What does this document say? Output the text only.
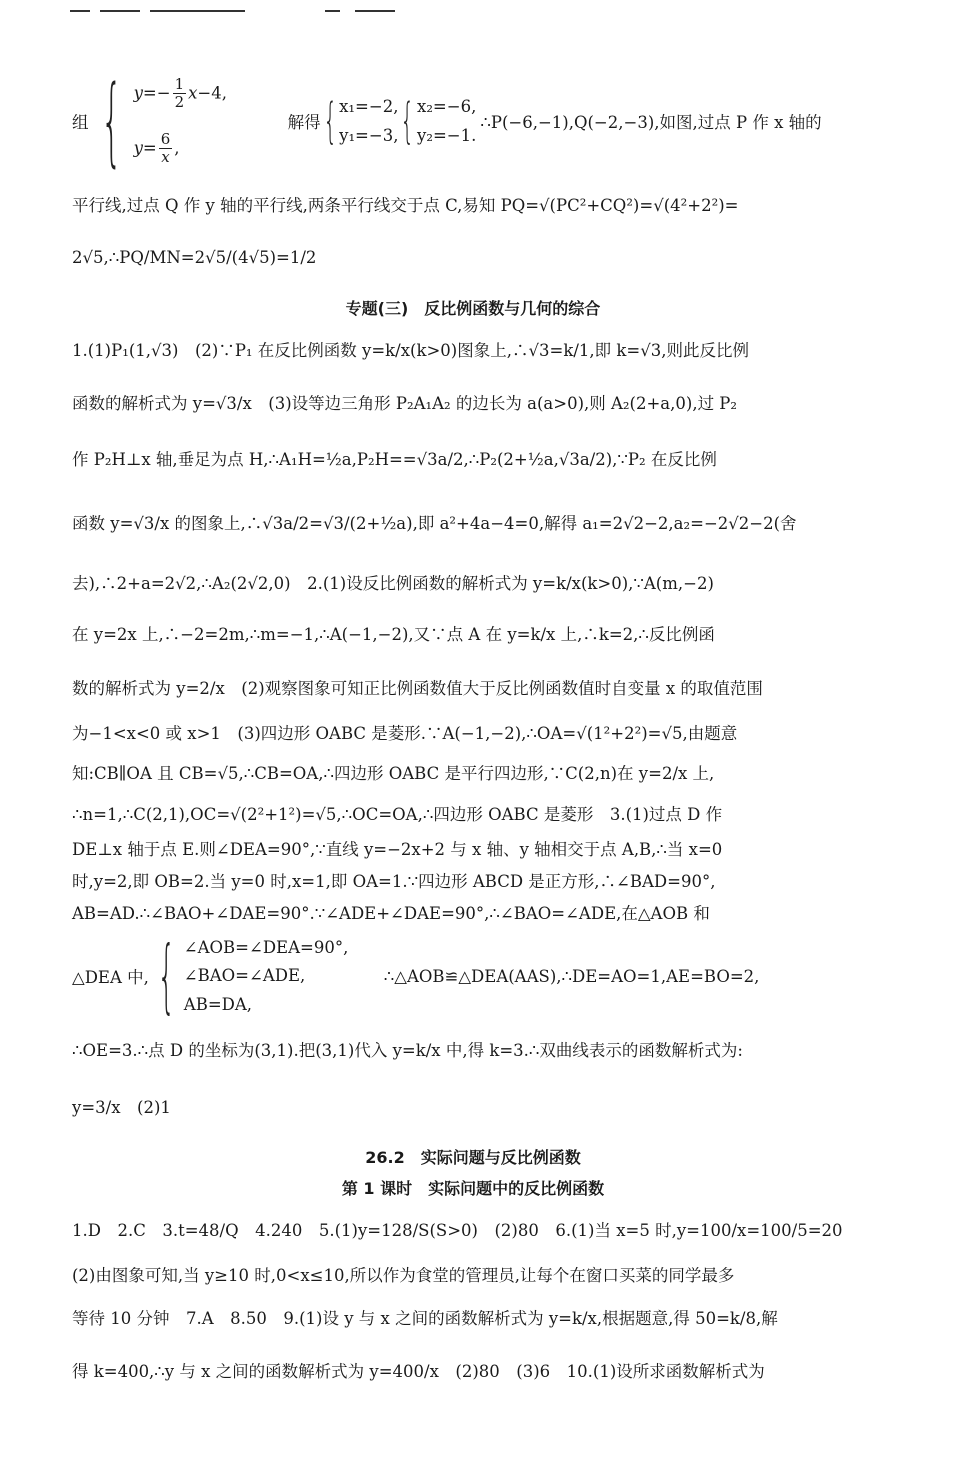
组 { $y=- \frac{1}{2} x-4$,
$y= \frac{6}{x}$ ,
解得 { x₁=−2,
y₁=−3, { x₂=−6,
y₂=−1.
∴P(−6,−1),Q(−2,−3),如图,过点 P 作 x 轴的
平行线,过点 Q 作 y 轴的平行线,两条平行线交于点 C,易知 PQ=√(PC²+CQ²)=√(4²+2²)=
2√5,∴PQ/MN=2√5/(4√5)=1/2
专题(三)　反比例函数与几何的综合
1.(1)P₁(1,√3)　(2)∵P₁ 在反比例函数 y=k/x(k>0)图象上,∴√3=k/1,即 k=√3,则此反比例
函数的解析式为 y=√3/x　(3)设等边三角形 P₂A₁A₂ 的边长为 a(a>0),则 A₂(2+a,0),过 P₂
作 P₂H⊥x 轴,垂足为点 H,∴A₁H=½a,P₂H==√3a/2,∴P₂(2+½a,√3a/2),∵P₂ 在反比例
函数 y=√3/x 的图象上,∴√3a/2=√3/(2+½a),即 a²+4a−4=0,解得 a₁=2√2−2,a₂=−2√2−2(舍
去),∴2+a=2√2,∴A₂(2√2,0)　2.(1)设反比例函数的解析式为 y=k/x(k>0),∵A(m,−2)
在 y=2x 上,∴−2=2m,∴m=−1,∴A(−1,−2),又∵点 A 在 y=k/x 上,∴k=2,∴反比例函
数的解析式为 y=2/x　(2)观察图象可知正比例函数值大于反比例函数值时自变量 x 的取值范围
为−1<x<0 或 x>1　(3)四边形 OABC 是菱形.∵A(−1,−2),∴OA=√(1²+2²)=√5,由题意
知:CB∥OA 且 CB=√5,∴CB=OA,∴四边形 OABC 是平行四边形,∵C(2,n)在 y=2/x 上,
∴n=1,∴C(2,1),OC=√(2²+1²)=√5,∴OC=OA,∴四边形 OABC 是菱形　3.(1)过点 D 作
DE⊥x 轴于点 E.则∠DEA=90°,∵直线 y=−2x+2 与 x 轴、y 轴相交于点 A,B,∴当 x=0
时,y=2,即 OB=2.当 y=0 时,x=1,即 OA=1.∵四边形 ABCD 是正方形,∴∠BAD=90°,
AB=AD.∴∠BAO+∠DAE=90°.∵∠ADE+∠DAE=90°,∴∠BAO=∠ADE,在△AOB 和
△DEA 中, { ∠AOB=∠DEA=90°,
∠BAO=∠ADE,
AB=DA,
∴△AOB≌△DEA(AAS),∴DE=AO=1,AE=BO=2,
∴OE=3.∴点 D 的坐标为(3,1).把(3,1)代入 y=k/x 中,得 k=3.∴双曲线表示的函数解析式为:
y=3/x　(2)1
26.2　实际问题与反比例函数
第 1 课时　实际问题中的反比例函数
1.D　2.C　3.t=48/Q　4.240　5.(1)y=128/S(S>0)　(2)80　6.(1)当 x=5 时,y=100/x=100/5=20
(2)由图象可知,当 y≥10 时,0<x≤10,所以作为食堂的管理员,让每个在窗口买菜的同学最多
等待 10 分钟　7.A　8.50　9.(1)设 y 与 x 之间的函数解析式为 y=k/x,根据题意,得 50=k/8,解
得 k=400,∴y 与 x 之间的函数解析式为 y=400/x　(2)80　(3)6　10.(1)设所求函数解析式为
